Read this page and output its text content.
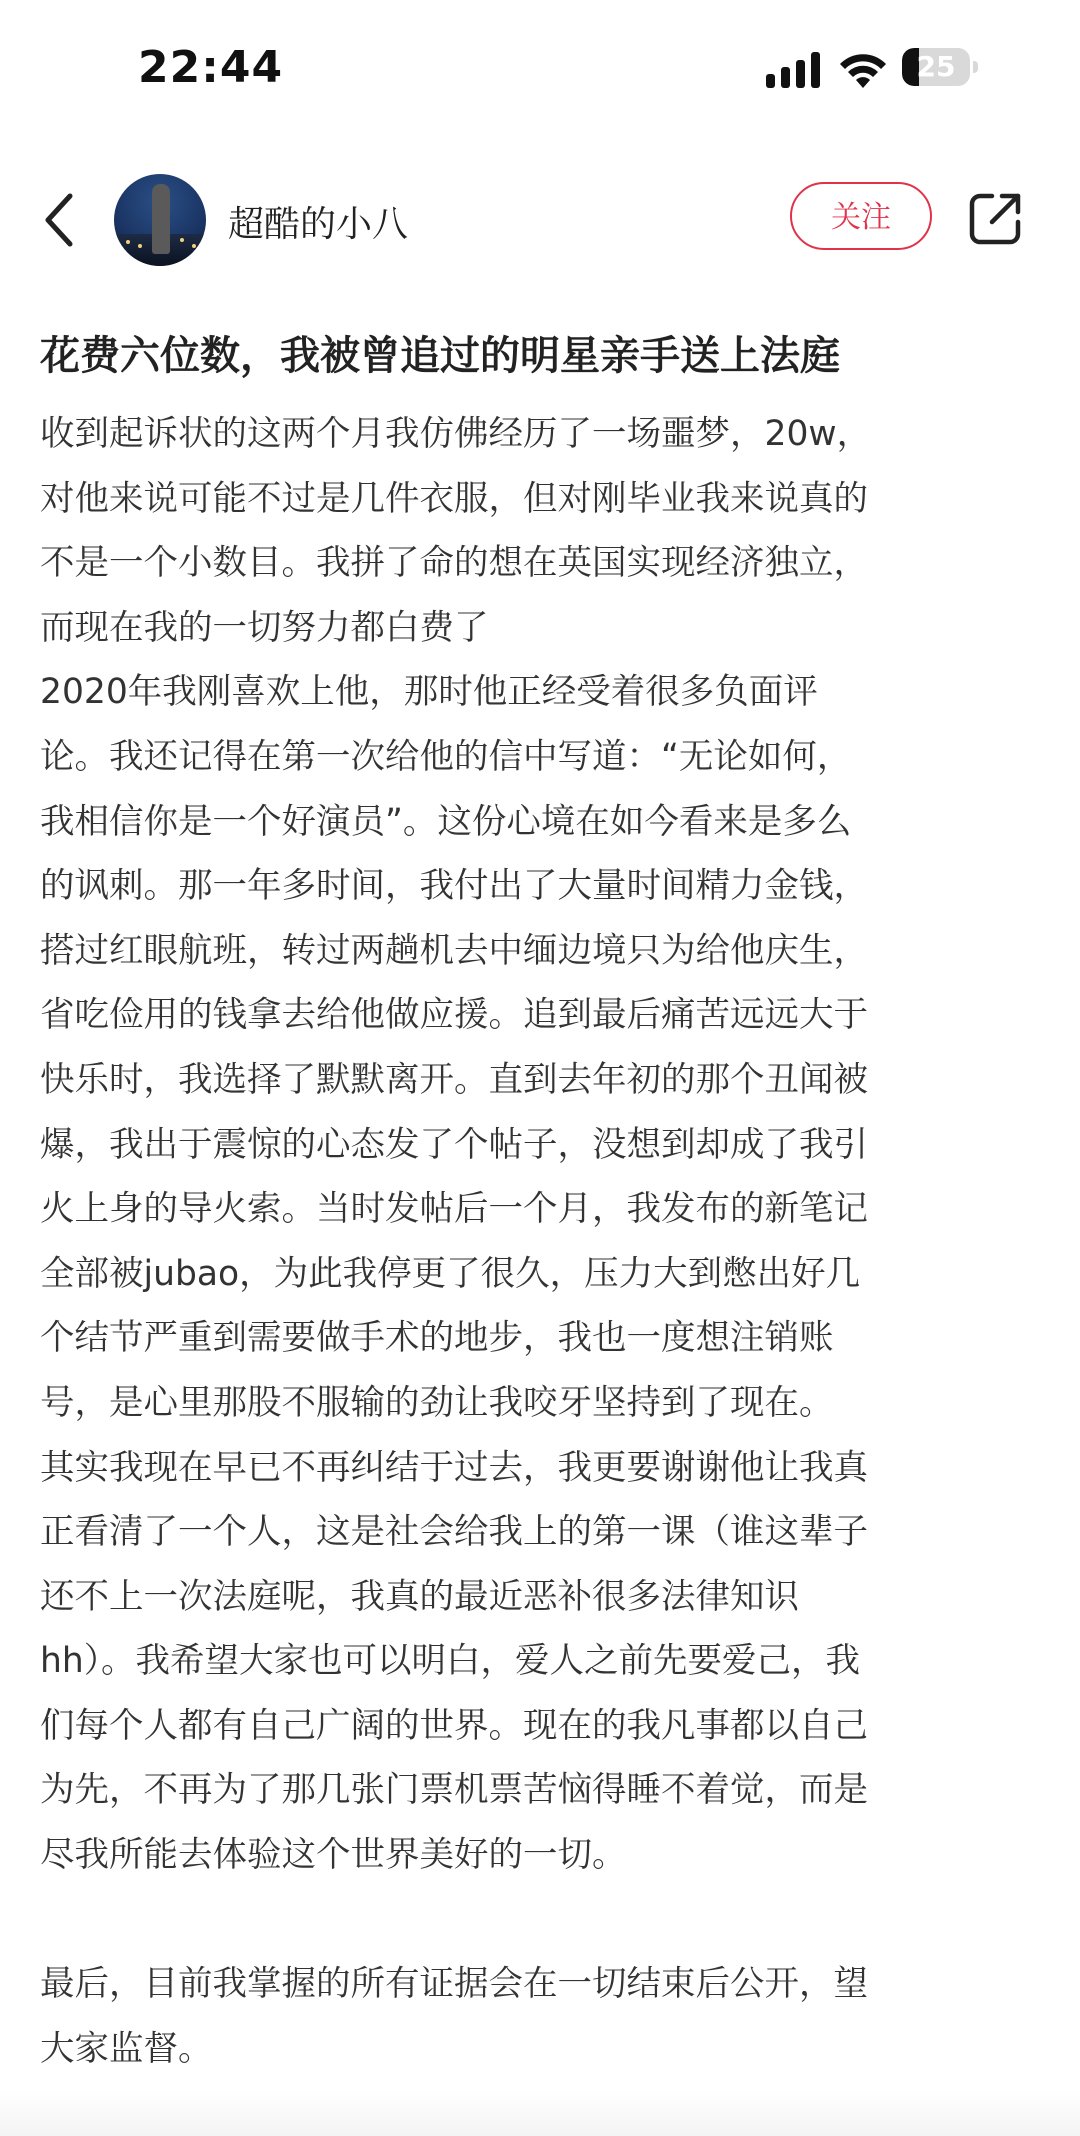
22:44	25
超酷的小八	关注
花费六位数，我被曾追过的明星亲手送上法庭

收到起诉状的这两个月我仿佛经历了一场噩梦，20w，

对他来说可能不过是几件衣服，但对刚毕业我来说真的

不是一个小数目。我拼了命的想在英国实现经济独立，

而现在我的一切努力都白费了

2020年我刚喜欢上他，那时他正经受着很多负面评

论。我还记得在第一次给他的信中写道：“无论如何，

我相信你是一个好演员”。这份心境在如今看来是多么

的讽刺。那一年多时间，我付出了大量时间精力金钱，

搭过红眼航班，转过两趟机去中缅边境只为给他庆生，

省吃俭用的钱拿去给他做应援。追到最后痛苦远远大于

快乐时，我选择了默默离开。直到去年初的那个丑闻被

爆，我出于震惊的心态发了个帖子，没想到却成了我引

火上身的导火索。当时发帖后一个月，我发布的新笔记

全部被jubao，为此我停更了很久，压力大到憋出好几

个结节严重到需要做手术的地步，我也一度想注销账

号，是心里那股不服输的劲让我咬牙坚持到了现在。

其实我现在早已不再纠结于过去，我更要谢谢他让我真

正看清了一个人，这是社会给我上的第一课（谁这辈子

还不上一次法庭呢，我真的最近恶补很多法律知识

hh）。我希望大家也可以明白，爱人之前先要爱己，我

们每个人都有自己广阔的世界。现在的我凡事都以自己

为先，不再为了那几张门票机票苦恼得睡不着觉，而是

尽我所能去体验这个世界美好的一切。

最后，目前我掌握的所有证据会在一切结束后公开，望

大家监督。
